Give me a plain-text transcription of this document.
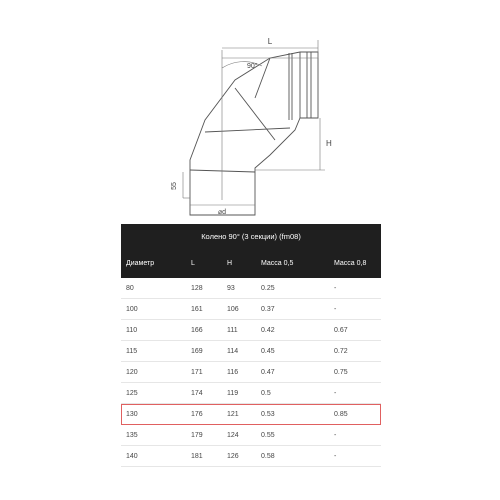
L
90°
H
55
⌀d
Колено 90° (3 секции) (fm08)
Диаметр	L	H	Масса 0,5	Масса 0,8
80	128	93	0.25	-
100	161	106	0.37	-
110	166	111	0.42	0.67
115	169	114	0.45	0.72
120	171	116	0.47	0.75
125	174	119	0.5	-
130	176	121	0.53	0.85
135	179	124	0.55	-
140	181	126	0.58	-
